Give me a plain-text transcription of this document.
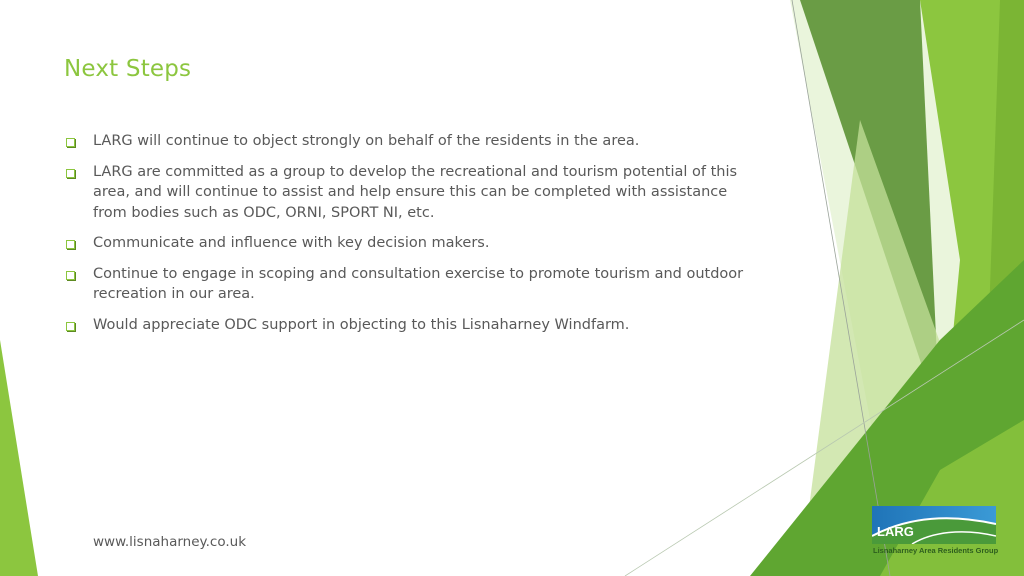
Next Steps
LARG will continue to object strongly on behalf of the residents in the area.
LARG are committed as a group to develop the recreational and tourism potential of this area, and will continue to assist and help ensure this can be completed with assistance from bodies such as ODC, ORNI, SPORT NI, etc.
Communicate and influence with key decision makers.
Continue to engage in scoping and consultation exercise to promote tourism and outdoor recreation in our area.
Would appreciate ODC support in objecting to this Lisnaharney Windfarm.
www.lisnaharney.co.uk
LARG
Lisnaharney Area Residents Group
